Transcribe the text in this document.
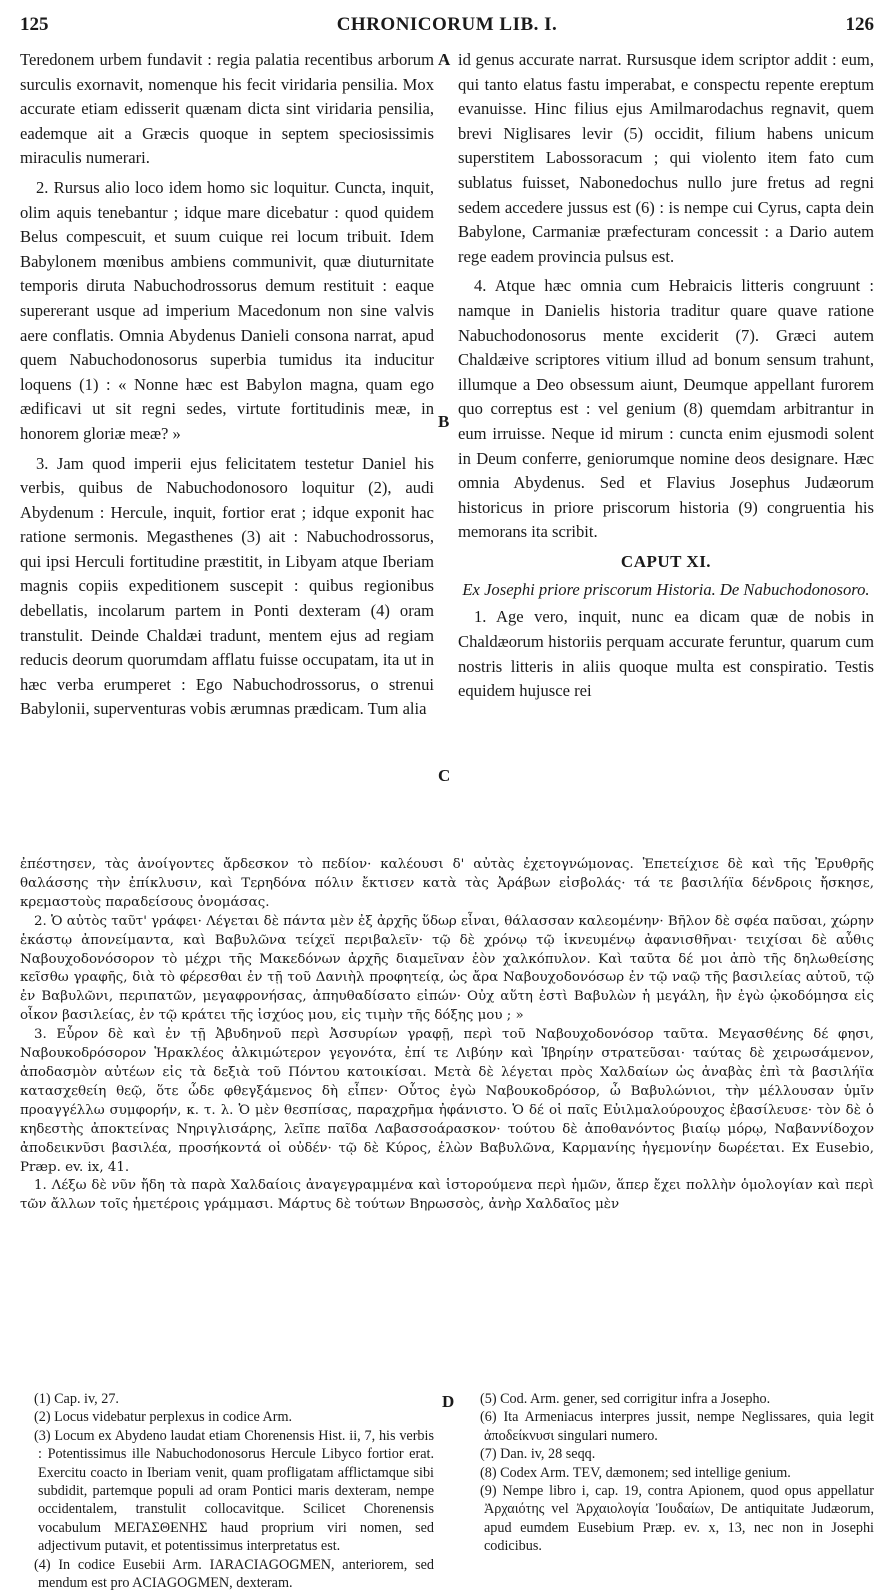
125	CHRONICORUM LIB. I.	126
A
B
C
D

Teredonem urbem fundavit : regia palatia recentibus arborum surculis exornavit, nomenque his fecit viridaria pensilia. Mox accurate etiam edisserit quænam dicta sint viridaria pensilia, eademque ait a Græcis quoque in septem speciosissimis miraculis numerari.

2. Rursus alio loco idem homo sic loquitur. Cuncta, inquit, olim aquis tenebantur ; idque mare dicebatur : quod quidem Belus compescuit, et suum cuique rei locum tribuit. Idem Babylonem mœnibus ambiens communivit, quæ diuturnitate temporis diruta Nabuchodrossorus demum restituit : eaque supererant usque ad imperium Macedonum non sine valvis aere conflatis. Omnia Abydenus Danieli consona narrat, apud quem Nabuchodonosorus superbia tumidus ita inducitur loquens (1) : « Nonne hæc est Babylon magna, quam ego ædificavi ut sit regni sedes, virtute fortitudinis meæ, in honorem gloriæ meæ? »

3. Jam quod imperii ejus felicitatem testetur Daniel his verbis, quibus de Nabuchodonosoro loquitur (2), audi Abydenum : Hercule, inquit, fortior erat ; idque exponit hac ratione sermonis. Megasthenes (3) ait : Nabuchodrossorus, qui ipsi Herculi fortitudine præstitit, in Libyam atque Iberiam magnis copiis expeditionem suscepit : quibus regionibus debellatis, incolarum partem in Ponti dexteram (4) oram transtulit. Deinde Chaldæi tradunt, mentem ejus ad regiam reducis deorum quorumdam afflatu fuisse occupatam, ita ut in hæc verba erumperet : Ego Nabuchodrossorus, o strenui Babylonii, superventuras vobis ærumnas prædicam. Tum alia

id genus accurate narrat. Rursusque idem scriptor addit : eum, qui tanto elatus fastu imperabat, e conspectu repente ereptum evanuisse. Hinc filius ejus Amilmarodachus regnavit, quem brevi Niglisares levir (5) occidit, filium habens unicum superstitem Labossoracum ; qui violento item fato cum sublatus fuisset, Nabonedochus nullo jure fretus ad regni sedem accedere jussus est (6) : is nempe cui Cyrus, capta dein Babylone, Carmaniæ præfecturam concessit : a Dario autem rege eadem provincia pulsus est.

4. Atque hæc omnia cum Hebraicis litteris congruunt : namque in Danielis historia traditur quare quave ratione Nabuchodonosorus mente exciderit (7). Græci autem Chaldæive scriptores vitium illud ad bonum sensum trahunt, illumque a Deo obsessum aiunt, Deumque appellant furorem quo correptus est : vel genium (8) quemdam arbitrantur in eum irruisse. Neque id mirum : cuncta enim ejusmodi solent in Deum conferre, geniorumque nomine deos designare. Hæc omnia Abydenus. Sed et Flavius Josephus Judæorum historicus in priore priscorum historia (9) congruentia his memorans ita scribit.

CAPUT XI.

Ex Josephi priore priscorum Historia. De Nabuchodonosoro.

1. Age vero, inquit, nunc ea dicam quæ de nobis in Chaldæorum historiis perquam accurate feruntur, quarum cum nostris litteris in aliis quoque multa est conspiratio. Testis equidem hujusce rei

ἐπέστησεν, τὰς ἀνοίγοντες ἄρδεσκον τὸ πεδίον· καλέουσι δ' αὐτὰς ἐχετογνώμονας. Ἐπετείχισε δὲ καὶ τῆς Ἐρυθρῆς θαλάσσης τὴν ἐπίκλυσιν, καὶ Τερηδόνα πόλιν ἔκτισεν κατὰ τὰς Ἀράβων εἰσβολάς· τά τε βασιλήϊα δένδροις ἤσκησε, κρεμαστοὺς παραδείσους ὀνομάσας.

2. Ὁ αὐτὸς ταῦτ' γράφει· Λέγεται δὲ πάντα μὲν ἐξ ἀρχῆς ὕδωρ εἶναι, θάλασσαν καλεομένην· Βῆλον δὲ σφέα παῦσαι, χώρην ἑκάστῳ ἀπονείμαντα, καὶ Βαβυλῶνα τείχεϊ περιβαλεῖν· τῷ δὲ χρόνῳ τῷ ἱκνευμένῳ ἀφανισθῆναι· τειχίσαι δὲ αὖθις Ναβουχοδονόσορον τὸ μέχρι τῆς Μακεδόνων ἀρχῆς διαμεῖναν ἐὸν χαλκόπυλον. Καὶ ταῦτα δέ μοι ἀπὸ τῆς δηλωθείσης κεῖσθω γραφῆς, διὰ τὸ φέρεσθαι ἐν τῇ τοῦ Δανιὴλ προφητείᾳ, ὡς ἄρα Ναβουχοδονόσωρ ἐν τῷ ναῷ τῆς βασιλείας αὐτοῦ, τῷ ἐν Βαβυλῶνι, περιπατῶν, μεγαφρονήσας, ἀπηυθαδίσατο εἰπών· Οὐχ αὕτη ἐστὶ Βαβυλὼν ἡ μεγάλη, ἣν ἐγὼ ᾠκοδόμησα εἰς οἶκον βασιλείας, ἐν τῷ κράτει τῆς ἰσχύος μου, εἰς τιμὴν τῆς δόξης μου ; »

3. Εὗρον δὲ καὶ ἐν τῇ Ἀβυδηνοῦ περὶ Ἀσσυρίων γραφῇ, περὶ τοῦ Ναβουχοδονόσορ ταῦτα. Μεγασθένης δέ φησι, Ναβουκοδρόσορον Ἡρακλέος ἀλκιμώτερον γεγονότα, ἐπί τε Λιβύην καὶ Ἰβηρίην στρατεῦσαι· ταύτας δὲ χειρωσάμενον, ἀποδασμὸν αὐτέων εἰς τὰ δεξιὰ τοῦ Πόντου κατοικίσαι. Μετὰ δὲ λέγεται πρὸς Χαλδαίων ὡς ἀναβὰς ἐπὶ τὰ βασιλήϊα κατασχεθείη θεῷ, ὅτε ὧδε φθεγξάμενος δὴ εἶπεν· Οὗτος ἐγὼ Ναβουκοδρόσορ, ὦ Βαβυλώνιοι, τὴν μέλλουσαν ὑμῖν προαγγέλλω συμφορήν, κ. τ. λ. Ὁ μὲν θεσπίσας, παραχρῆμα ἠφάνιστο. Ὁ δέ οἱ παῖς Εὐιλμαλούρουχος ἐβασίλευσε· τὸν δὲ ὁ κηδεστὴς ἀποκτείνας Νηριγλισάρης, λεῖπε παῖδα Λαβασσοάρασκον· τούτου δὲ ἀποθανόντος βιαίῳ μόρῳ, Ναβαννίδοχον ἀποδεικνῦσι βασιλέα, προσήκοντά οἱ οὐδέν· τῷ δὲ Κύρος, ἑλὼν Βαβυλῶνα, Καρμανίης ἡγεμονίην δωρέεται. Ex Eusebio, Præp. ev. ix, 41.

1. Λέξω δὲ νῦν ἤδη τὰ παρὰ Χαλδαίοις ἀναγεγραμμένα καὶ ἱστορούμενα περὶ ἡμῶν, ἅπερ ἔχει πολλὴν ὁμολογίαν καὶ περὶ τῶν ἄλλων τοῖς ἡμετέροις γράμμασι. Μάρτυς δὲ τούτων Βηρωσσὸς, ἀνὴρ Χαλδαῖος μὲν

(1) Cap. iv, 27.

(2) Locus videbatur perplexus in codice Arm.

(3) Locum ex Abydeno laudat etiam Chorenensis Hist. ii, 7, his verbis : Potentissimus ille Nabuchodonosorus Hercule Libyco fortior erat. Exercitu coacto in Iberiam venit, quam profligatam afflictamque sibi subdidit, partemque populi ad oram Pontici maris dexteram, nempe occidentalem, transtulit collocavitque. Scilicet Chorenensis vocabulum ΜΕΓΑΣΘΕΝΗΣ haud proprium viri nomen, sed adjectivum putavit, et potentissimus interpretatus est.

(4) In codice Eusebii Arm. IARACIAGOGMEN, anteriorem, sed mendum est pro ACIAGOGMEN, dexteram.

(5) Cod. Arm. gener, sed corrigitur infra a Josepho.

(6) Ita Armeniacus interpres jussit, nempe Neglissares, quia legit ἀποδείκνυσι singulari numero.

(7) Dan. iv, 28 seqq.

(8) Codex Arm. TEV, dæmonem; sed intellige genium.

(9) Nempe libro i, cap. 19, contra Apionem, quod opus appellatur Ἀρχαιότης vel Ἀρχαιολογία Ἰουδαίων, De antiquitate Judæorum, apud eumdem Eusebium Præp. ev. x, 13, nec non in Josephi codicibus.
